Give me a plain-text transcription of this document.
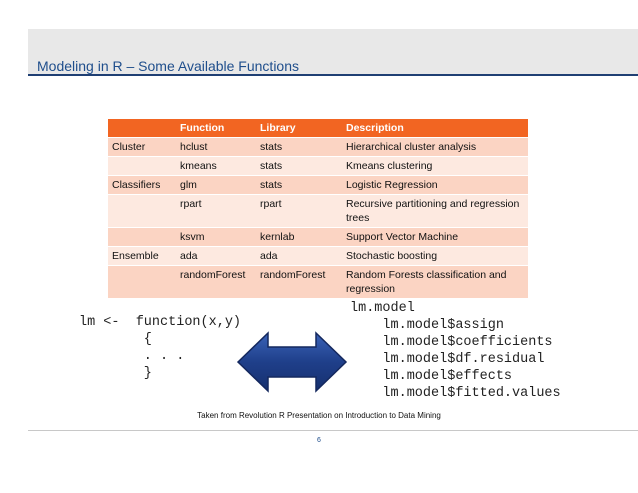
Modeling in R – Some Available Functions
	Function	Library	Description
Cluster	hclust	stats	Hierarchical cluster analysis
	kmeans	stats	Kmeans clustering
Classifiers	glm	stats	Logistic Regression
	rpart	rpart	Recursive partitioning and regression trees
	ksvm	kernlab	Support Vector Machine
Ensemble	ada	ada	Stochastic boosting
	randomForest	randomForest	Random Forests classification and regression
lm <-  function(x,y)
{
. . .
}
lm.model
lm.model$assign
lm.model$coefficients
lm.model$df.residual
lm.model$effects
lm.model$fitted.values
Taken from Revolution R Presentation on Introduction to Data Mining
6
